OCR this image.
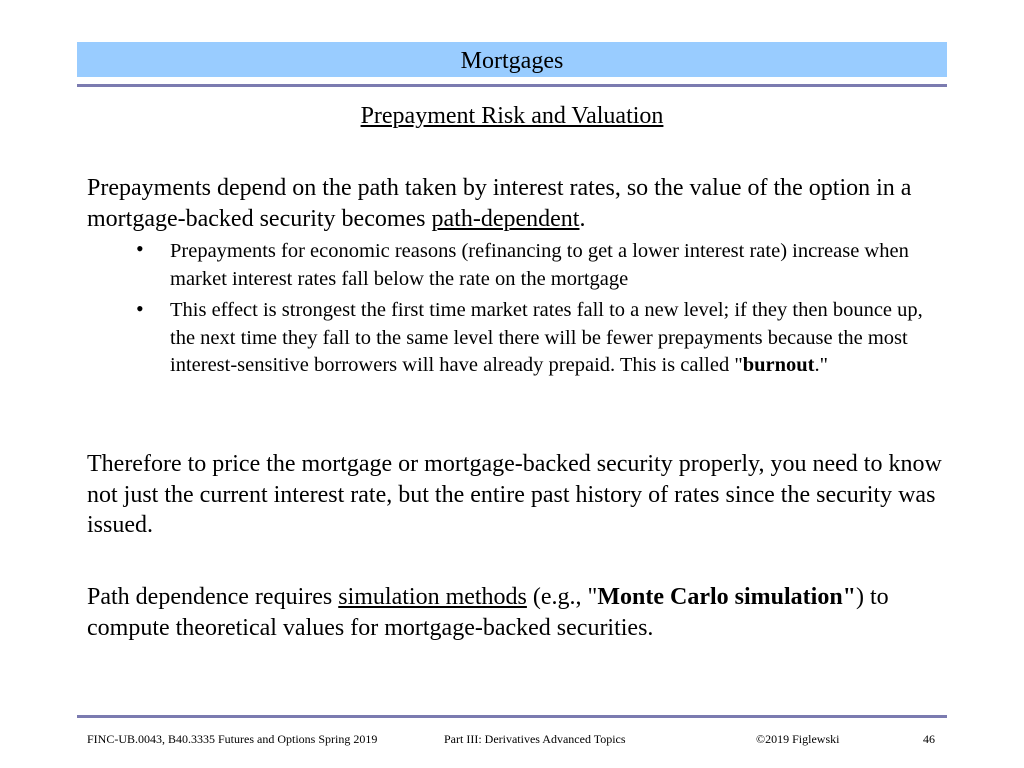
Mortgages
Prepayment Risk and Valuation
Prepayments depend on the path taken by interest rates, so the value of the option in a mortgage-backed security becomes path-dependent.
• Prepayments for economic reasons (refinancing to get a lower interest rate) increase when market interest rates fall below the rate on the mortgage
• This effect is strongest the first time market rates fall to a new level; if they then bounce up, the next time they fall to the same level there will be fewer prepayments because the most interest-sensitive borrowers will have already prepaid. This is called "burnout."
Therefore to price the mortgage or mortgage-backed security properly, you need to know not just the current interest rate, but the entire past history of rates since the security was issued.
Path dependence requires simulation methods (e.g., "Monte Carlo simulation") to compute theoretical values for mortgage-backed securities.
FINC-UB.0043, B40.3335 Futures and Options Spring 2019	Part III: Derivatives Advanced Topics	©2019 Figlewski	46
